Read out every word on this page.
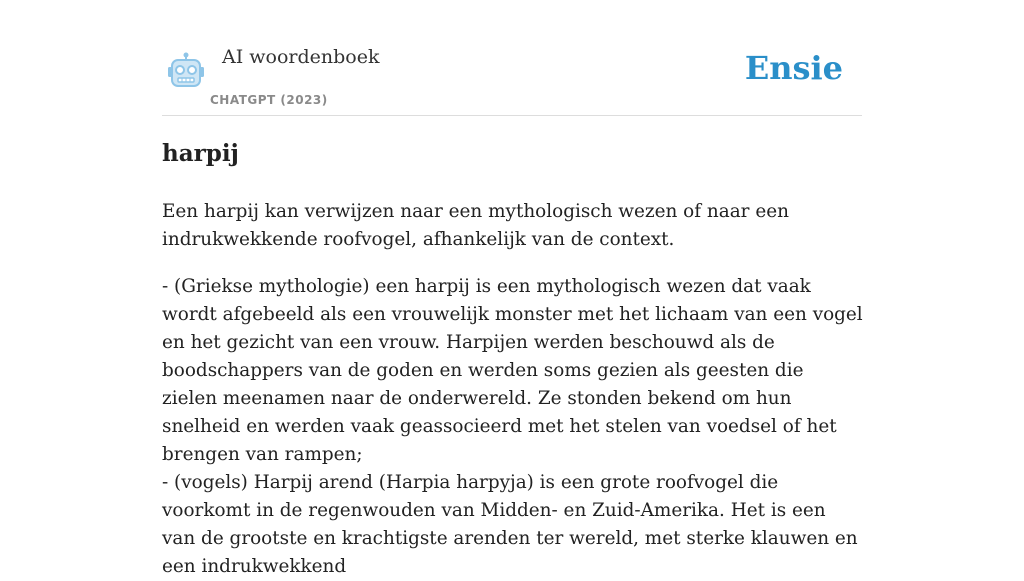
AI woordenboek
CHATGPT (2023)
Ensie
harpij

Een harpij kan verwijzen naar een mythologisch wezen of naar een indrukwekkende roofvogel, afhankelijk van de context.

- (Griekse mythologie) een harpij is een mythologisch wezen dat vaak wordt afgebeeld als een vrouwelijk monster met het lichaam van een vogel en het gezicht van een vrouw. Harpijen werden beschouwd als de boodschappers van de goden en werden soms gezien als geesten die zielen meenamen naar de onderwereld. Ze stonden bekend om hun snelheid en werden vaak geassocieerd met het stelen van voedsel of het brengen van rampen;

- (vogels) Harpij arend (Harpia harpyja) is een grote roofvogel die voorkomt in de regenwouden van Midden- en Zuid-Amerika. Het is een van de grootste en krachtigste arenden ter wereld, met sterke klauwen en een indrukwekkend
